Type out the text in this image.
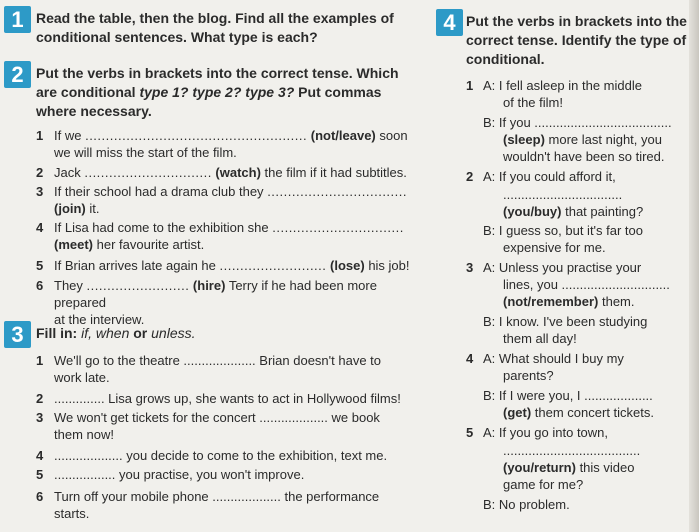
1 Read the table, then the blog. Find all the examples of conditional sentences. What type is each?
2 Put the verbs in brackets into the correct tense. Which are conditional type 1? type 2? type 3? Put commas where necessary.
1 If we ...................................................... (not/leave) soon
we will miss the start of the film.
2 Jack ............................... (watch) the film if it had subtitles.
3 If their school had a drama club they ..................................
(join) it.
4 If Lisa had come to the exhibition she ................................
(meet) her favourite artist.
5 If Brian arrives late again he .......................... (lose) his job!
6 They ......................... (hire) Terry if he had been more prepared
at the interview.
3 Fill in: if, when or unless.
1 We'll go to the theatre .................... Brian doesn't have to
work late.
2 .............. Lisa grows up, she wants to act in Hollywood films!
3 We won't get tickets for the concert ................... we book
them now!
4 ................... you decide to come to the exhibition, text me.
5 ................. you practise, you won't improve.
6 Turn off your mobile phone ................... the performance
starts.
4 Put the verbs in brackets into the correct tense. Identify the type of conditional.
1
2
3
4
5
A: I fell asleep in the middle
of the film!
B: If you ......................................
(sleep) more last night, you
wouldn't have been so tired.
A: If you could afford it,
.................................
(you/buy) that painting?
B: I guess so, but it's far too
expensive for me.
A: Unless you practise your
lines, you ..............................
(not/remember) them.
B: I know. I've been studying
them all day!
A: What should I buy my
parents?
B: If I were you, I ...................
(get) them concert tickets.
A: If you go into town,
......................................
(you/return) this video
game for me?
B: No problem.
